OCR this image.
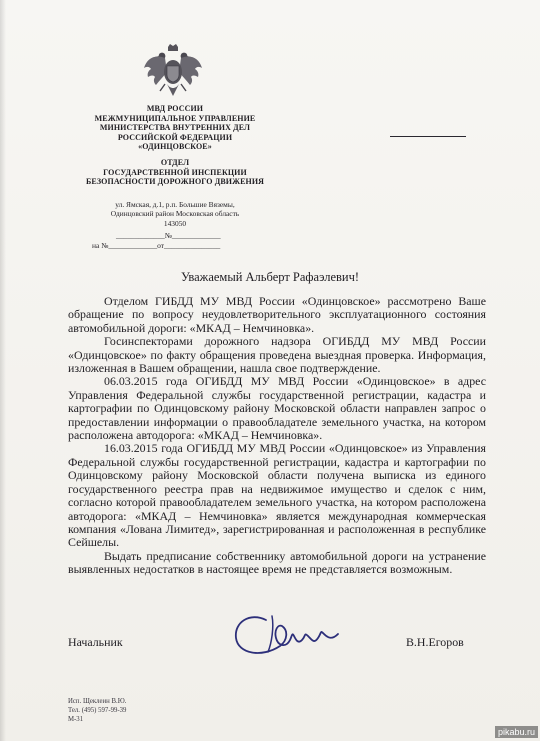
МВД РОССИИ
МЕЖМУНИЦИПАЛЬНОЕ УПРАВЛЕНИЕ
МИНИСТЕРСТВА ВНУТРЕННИХ ДЕЛ
РОССИЙСКОЙ ФЕДЕРАЦИИ
«ОДИНЦОВСКОЕ»
ОТДЕЛ
ГОСУДАРСТВЕННОЙ ИНСПЕКЦИИ
БЕЗОПАСНОСТИ ДОРОЖНОГО ДВИЖЕНИЯ
ул. Ямская, д.1, р.п. Большие Вяземы,
Одинцовский район Московская область
143050
_____________№_____________
на №_____________от_______________
Уважаемый Альберт Рафаэлевич!

Отделом ГИБДД МУ МВД России «Одинцовское» рассмотрено Ваше обращение по вопросу неудовлетворительного эксплуатационного состояния автомобильной дороги: «МКАД – Немчиновка».

Госинспекторами дорожного надзора ОГИБДД МУ МВД России «Одинцовское» по факту обращения проведена выездная проверка. Информация, изложенная в Вашем обращении, нашла свое подтверждение.

06.03.2015 года ОГИБДД МУ МВД России «Одинцовское» в адрес Управления Федеральной службы государственной регистрации, кадастра и картографии по Одинцовскому району Московской области направлен запрос о предоставлении информации о правообладателе земельного участка, на котором расположена автодорога: «МКАД – Немчиновка».

16.03.2015 года ОГИБДД МУ МВД России «Одинцовское» из Управления Федеральной службы государственной регистрации, кадастра и картографии по Одинцовскому району Московской области получена выписка из единого государственного реестра прав на недвижимое имущество и сделок с ним, согласно которой правообладателем земельного участка, на котором расположена автодорога: «МКАД – Немчиновка» является международная коммерческая компания «Лована Лимитед», зарегистрированная и расположенная в республике Сейшелы.

Выдать предписание собственнику автомобильной дороги на устранение выявленных недостатков в настоящее время не представляется возможным.

Начальник	В.Н.Егоров
Исп. Щеклеин В.Ю.
Тел. (495) 597-99-39
М-31
pikabu.ru
